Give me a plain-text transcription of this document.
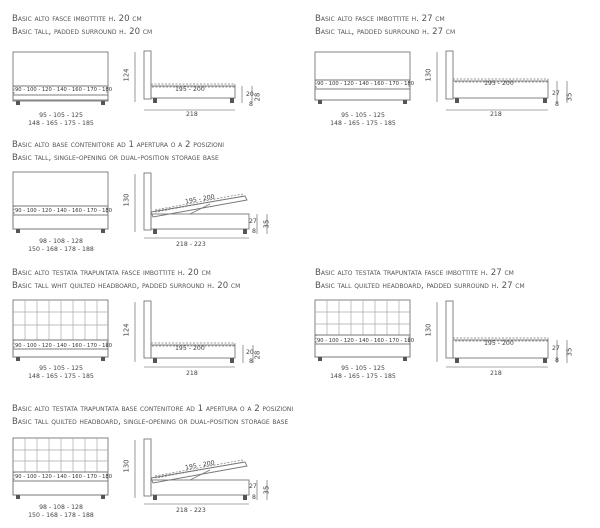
Basic alto fasce imbottite h. 20 cm
Basic tall, padded surround h. 20 cm
90 - 100 - 120 - 140 - 160 - 170 - 180
95 - 105 - 125
148 - 165 - 175 - 185
124
195 - 200
218
20
8
28
Basic alto fasce imbottite h. 27 cm
Basic tall, padded surround h. 27 cm
90 - 100 - 120 - 140 - 160 - 170 - 180
95 - 105 - 125
148 - 165 - 175 - 185
130
195 - 200
218
27
8
35
Basic alto base contenitore ad 1 apertura o a 2 posizioni
Basic tall, single-opening or dual-position storage base
90 - 100 - 120 - 140 - 160 - 170 - 180
98 - 108 - 128
150 - 168 - 178 - 188
130	195 - 200
218 - 223
27
8
35
Basic alto testata trapuntata fasce imbottite h. 20 cm
Basic tall whit quilted headboard, padded surround h. 20 cm
90 - 100 - 120 - 140 - 160 - 170 - 180
95 - 105 - 125
148 - 165 - 175 - 185
124
195 - 200
218
20
8
28
Basic alto testata trapuntata fasce imbottite h. 27 cm
Basic tall quilted headboard, padded surround h. 27 cm
90 - 100 - 120 - 140 - 160 - 170 - 180
95 - 105 - 125
148 - 165 - 175 - 185
130
195 - 200
218
27
8
35
Basic alto testata trapuntata base contenitore ad 1 apertura o a 2 posizioni
Basic tall quilted headboard, single-opening or dual-position storage base
90 - 100 - 120 - 140 - 160 - 170 - 180
98 - 108 - 128
150 - 168 - 178 - 188
130	195 - 200
218 - 223
27
8
35
